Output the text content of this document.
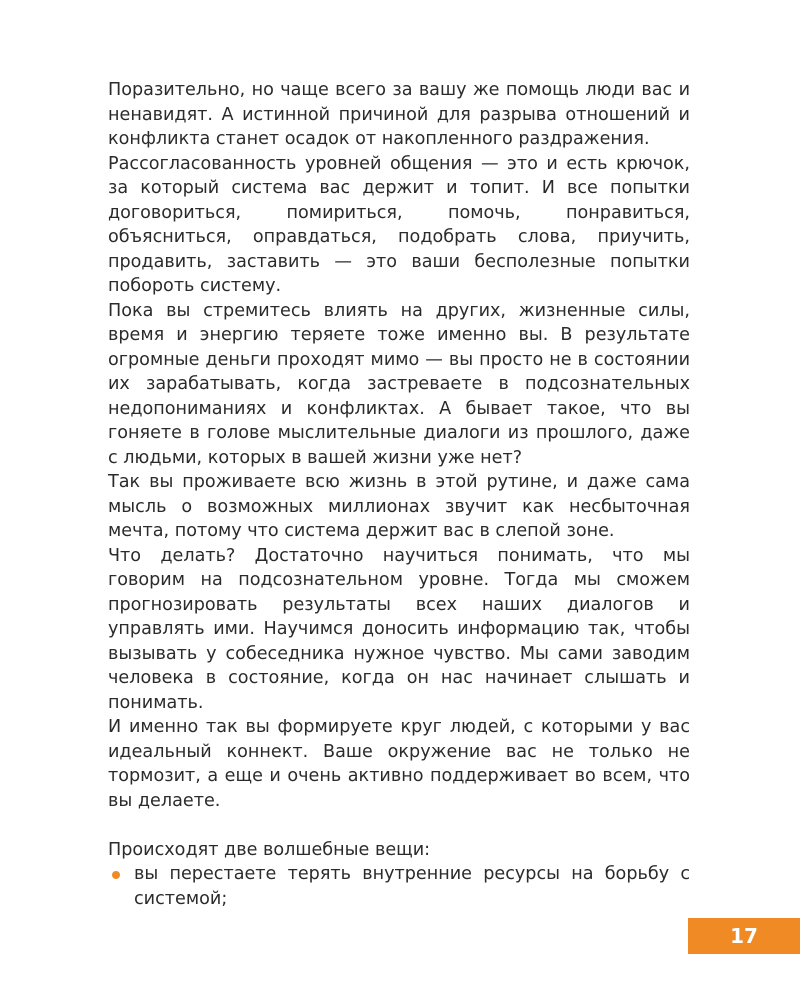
Поразительно, но чаще всего за вашу же помощь люди вас и ненавидят. А истинной причиной для разрыва отношений и конфликта станет осадок от накопленного раздражения.

Рассогласованность уровней общения — это и есть крючок, за который система вас держит и топит. И все попытки договориться, помириться, помочь, понравиться, объясниться, оправдаться, подобрать слова, приучить, продавить, заставить — это ваши бесполезные попытки побороть систему.

Пока вы стремитесь влиять на других, жизненные силы, время и энергию теряете тоже именно вы. В результате огромные деньги проходят мимо — вы просто не в состоянии их зарабатывать, когда застреваете в подсознательных недопониманиях и конфликтах. А бывает такое, что вы гоняете в голове мыслительные диалоги из прошлого, даже с людьми, которых в вашей жизни уже нет?

Так вы проживаете всю жизнь в этой рутине, и даже сама мысль о возможных миллионах звучит как несбыточная мечта, потому что система держит вас в слепой зоне.

Что делать? Достаточно научиться понимать, что мы говорим на подсознательном уровне. Тогда мы сможем прогнозировать результаты всех наших диалогов и управлять ими. Научимся доносить информацию так, чтобы вызывать у собеседника нужное чувство. Мы сами заводим человека в состояние, когда он нас начинает слышать и понимать.

И именно так вы формируете круг людей, с которыми у вас идеальный коннект. Ваше окружение вас не только не тормозит, а еще и очень активно поддерживает во всем, что вы делаете.

Происходят две волшебные вещи:

вы перестаете терять внутренние ресурсы на борьбу с системой;
17
